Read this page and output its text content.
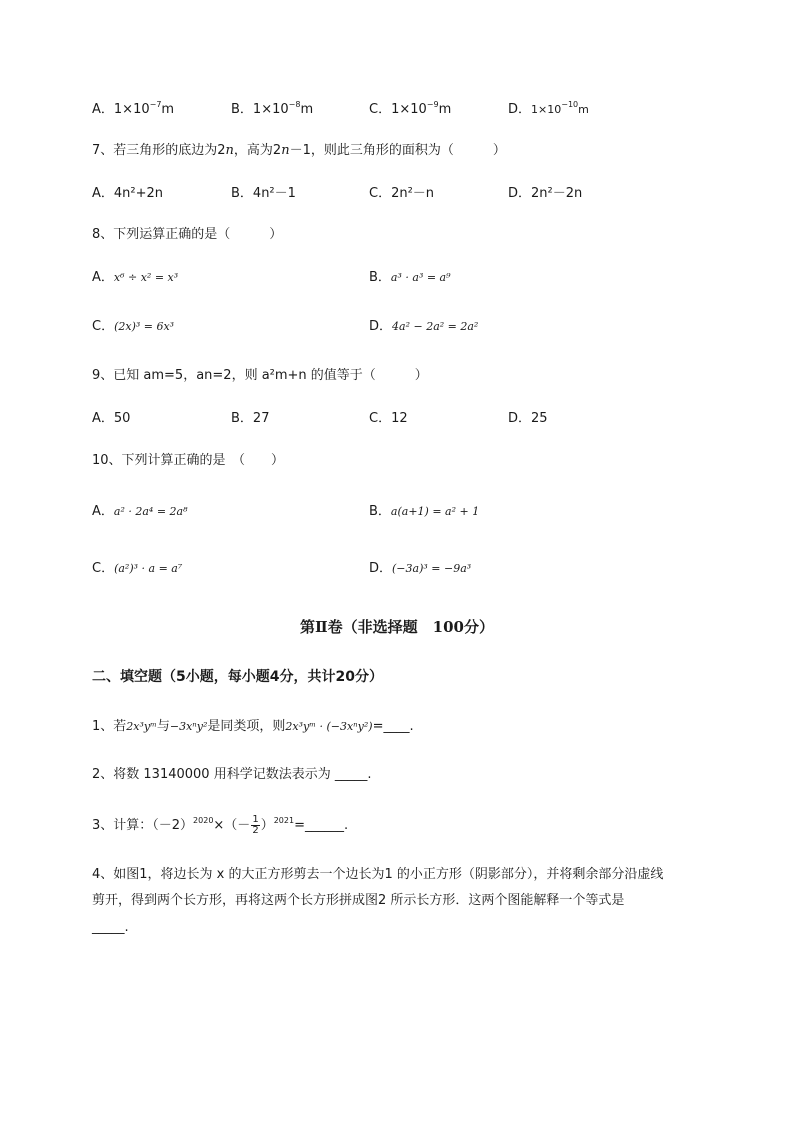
A．$1\times 10^{-7}m$	B．$1\times 10^{-8}m$	C．$1\times 10^{-9}m$	D．$1\times 10^{-10}m$
7、若三角形的底边为2n，高为2n－1，则此三角形的面积为（　　　）
A．4n²+2n	B．4n²－1	C．2n²－n	D．2n²－2n
8、下列运算正确的是（　　　）
A．x⁶ ÷ x² = x³	B．a³ · a³ = a⁹
C．(2x)³ = 6x³	D．4a² − 2a² = 2a²
9、已知 am=5，an=2，则 a²m+n 的值等于（　　　）
A．50	B．27	C．12	D．25
10、下列计算正确的是　（　　）
A．a² · 2a⁴ = 2a⁸	B．a(a+1) = a² + 1
C．(a²)³ · a = a⁷	D．(−3a)³ = −9a³
第Ⅱ卷（非选择题　100分）
二、填空题（5小题，每小题4分，共计20分）
1、若2x³yᵐ与−3xⁿy²是同类项，则2x³yᵐ · (−3xⁿy²)=____.
2、将数 13140000 用科学记数法表示为 _____.
3、计算：$(-2)^{2020}\times(- \frac{1}{2}$ ）$^{2021}=\_\_\_\_\_\_$.
4、如图1，将边长为 x 的大正方形剪去一个边长为1 的小正方形（阴影部分），并将剩余部分沿虚线
剪开，得到两个长方形，再将这两个长方形拼成图2 所示长方形．这两个图能解释一个等式是
_____.
